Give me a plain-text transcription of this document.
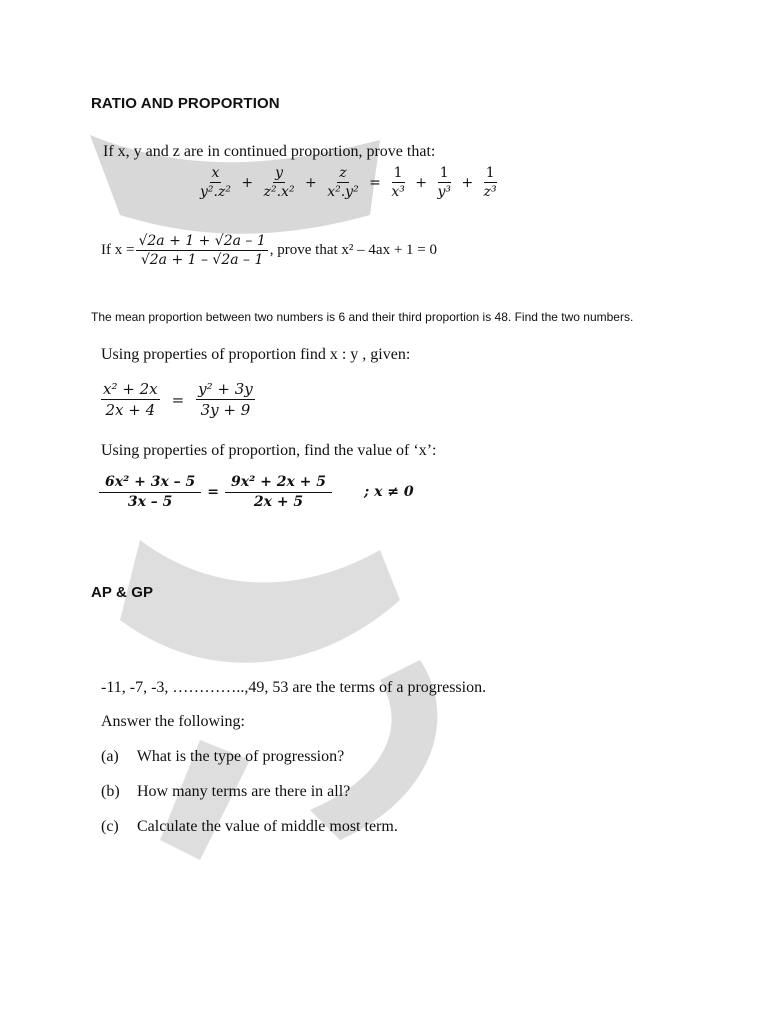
RATIO AND PROPORTION
If x, y and z are in continued proportion, prove that:
$\frac{x}{\text{y².z²}} + \frac{y}{\text{z².x²}} + \frac{z}{\text{x².y²}} = \frac{1}{\text{x³}} + \frac{1}{\text{y³}} + \frac{1}{\text{z³}}$
If $x = \frac{√2a + 1 + √2a - 1}{√2a + 1 - √2a - 1}$ , prove that x² – 4ax + 1 = 0
The mean proportion between two numbers is 6 and their third proportion is 48. Find the two numbers.
Using properties of proportion find x : y , given:
$\frac{\text{x² + 2x}}{2x + 4} = \frac{\text{y² + 3y}}{3y + 9}$
Using properties of proportion, find the value of ‘x’:
$\frac{\text{6x² + 3x – 5}}{3x - 5} = \frac{\text{9x² + 2x + 5}}{2x + 5}$ ; x ≠ 0
AP & GP
-11, -7, -3, …………..,49, 53 are the terms of a progression.
Answer the following:
(a) What is the type of progression?
(b) How many terms are there in all?
(c) Calculate the value of middle most term.
